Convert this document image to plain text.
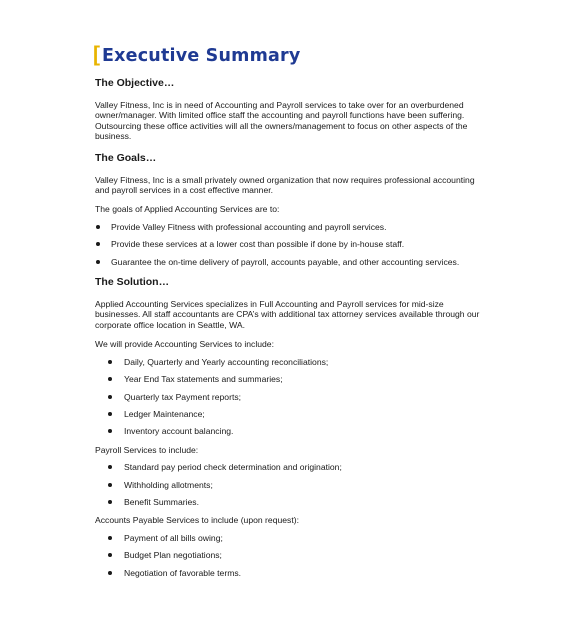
[ Executive Summary
The Objective…

Valley Fitness, Inc is in need of Accounting and Payroll services to take over for an overburdened owner/manager. With limited office staff the accounting and payroll functions have been suffering. Outsourcing these office activities will all the owners/management to focus on other aspects of the business.

The Goals…

Valley Fitness, Inc is a small privately owned organization that now requires professional accounting and payroll services in a cost effective manner.

The goals of Applied Accounting Services are to:

Provide Valley Fitness with professional accounting and payroll services.
Provide these services at a lower cost than possible if done by in-house staff.
Guarantee the on-time delivery of payroll, accounts payable, and other accounting services.
The Solution…

Applied Accounting Services specializes in Full Accounting and Payroll services for mid-size businesses. All staff accountants are CPA’s with additional tax attorney services available through our corporate office location in Seattle, WA.

We will provide Accounting Services to include:

Daily, Quarterly and Yearly accounting reconciliations;
Year End Tax statements and summaries;
Quarterly tax Payment reports;
Ledger Maintenance;
Inventory account balancing.

Payroll Services to include:

Standard pay period check determination and origination;
Withholding allotments;
Benefit Summaries.

Accounts Payable Services to include (upon request):

Payment of all bills owing;
Budget Plan negotiations;
Negotiation of favorable terms.
